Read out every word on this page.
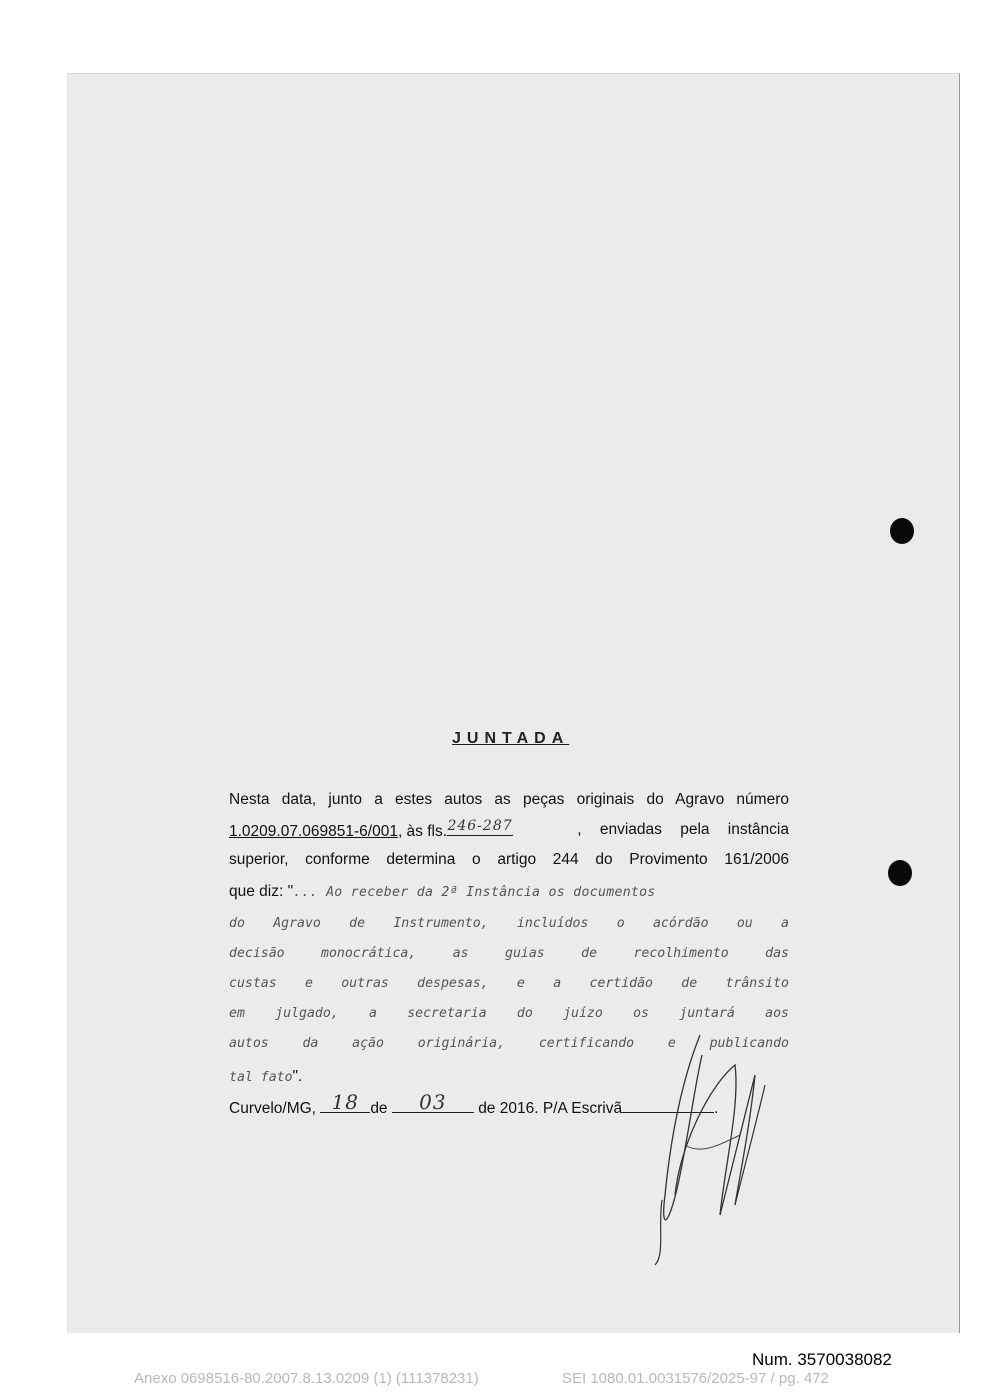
JUNTADA
Nesta data, junto a estes autos as peças originais do Agravo número
1.0209.07.069851-6/001, às fls. 246-287	, enviadas pela instância
superior, conforme determina o artigo 244 do Provimento 161/2006
que diz: "... Ao receber da 2ª Instância os documentos
do Agravo de Instrumento, incluídos o acórdão ou a
decisão monocrática, as guias de recolhimento das
custas e outras despesas, e a certidão de trânsito
em julgado, a secretaria do juízo os juntará aos
autos da ação originária, certificando e publicando
tal fato".
Curvelo/MG, 18 de	03	de 2016. P/A Escrivã	.
Num. 3570038082
Anexo 0698516-80.2007.8.13.0209 (1) (111378231)	SEI 1080.01.0031576/2025-97 / pg. 472
